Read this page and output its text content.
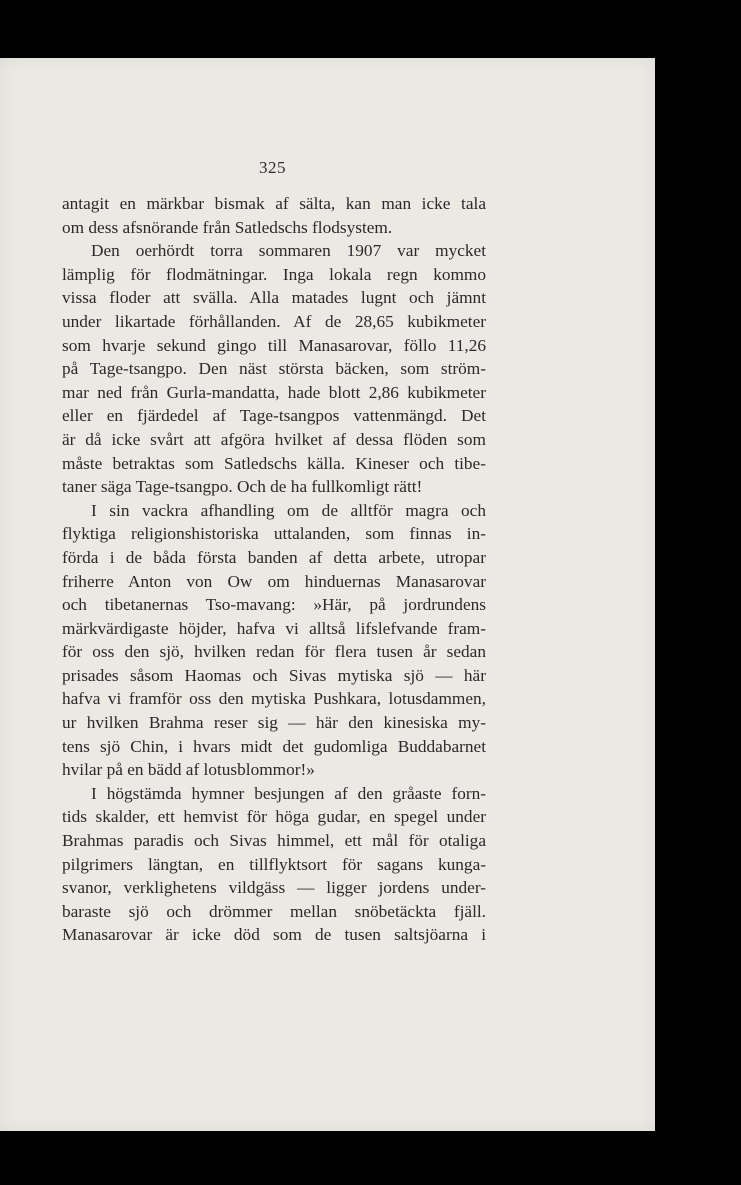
325
antagit en märkbar bismak af sälta, kan man icke tala
om dess afsnörande från Satledschs flodsystem.
Den oerhördt torra sommaren 1907 var mycket
lämplig för flodmätningar. Inga lokala regn kommo
vissa floder att svälla. Alla matades lugnt och jämnt
under likartade förhållanden. Af de 28,65 kubikmeter
som hvarje sekund gingo till Manasarovar, föllo 11,26
på Tage-tsangpo. Den näst största bäcken, som ström-
mar ned från Gurla-mandatta, hade blott 2,86 kubikmeter
eller en fjärdedel af Tage-tsangpos vattenmängd. Det
är då icke svårt att afgöra hvilket af dessa flöden som
måste betraktas som Satledschs källa. Kineser och tibe-
taner säga Tage-tsangpo. Och de ha fullkomligt rätt!
I sin vackra afhandling om de alltför magra och
flyktiga religionshistoriska uttalanden, som finnas in-
förda i de båda första banden af detta arbete, utropar
friherre Anton von Ow om hinduernas Manasarovar
och tibetanernas Tso-mavang: »Här, på jordrundens
märkvärdigaste höjder, hafva vi alltså lifslefvande fram-
för oss den sjö, hvilken redan för flera tusen år sedan
prisades såsom Haomas och Sivas mytiska sjö — här
hafva vi framför oss den mytiska Pushkara, lotusdammen,
ur hvilken Brahma reser sig — här den kinesiska my-
tens sjö Chin, i hvars midt det gudomliga Buddabarnet
hvilar på en bädd af lotusblommor!»
I högstämda hymner besjungen af den gråaste forn-
tids skalder, ett hemvist för höga gudar, en spegel under
Brahmas paradis och Sivas himmel, ett mål för otaliga
pilgrimers längtan, en tillflyktsort för sagans kunga-
svanor, verklighetens vildgäss — ligger jordens under-
baraste sjö och drömmer mellan snöbetäckta fjäll.
Manasarovar är icke död som de tusen saltsjöarna i
